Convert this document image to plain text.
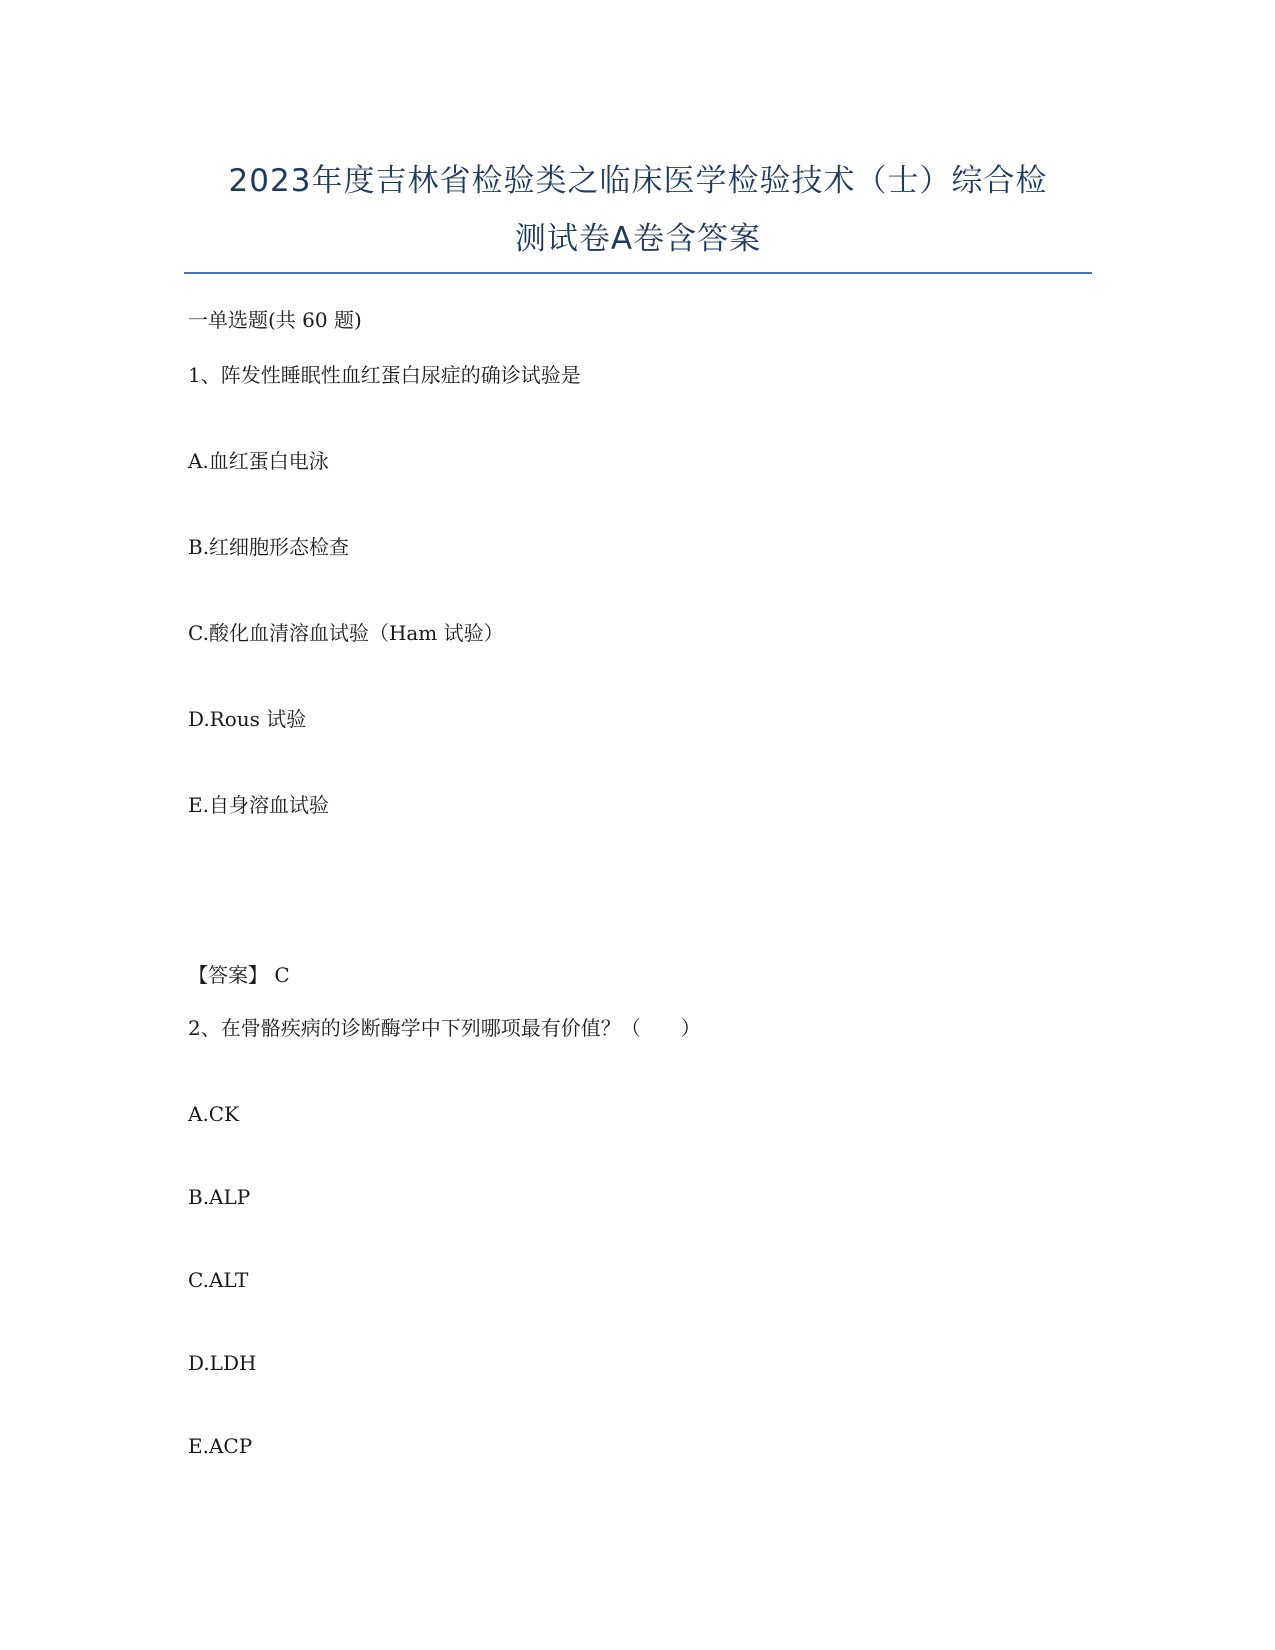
2023年度吉林省检验类之临床医学检验技术（士）综合检
测试卷A卷含答案
一单选题(共 60 题)
1、阵发性睡眠性血红蛋白尿症的确诊试验是
A.血红蛋白电泳
B.红细胞形态检查
C.酸化血清溶血试验（Ham 试验）
D.Rous 试验
E.自身溶血试验
【答案】 C
2、在骨骼疾病的诊断酶学中下列哪项最有价值？（　　）
A.CK
B.ALP
C.ALT
D.LDH
E.ACP
